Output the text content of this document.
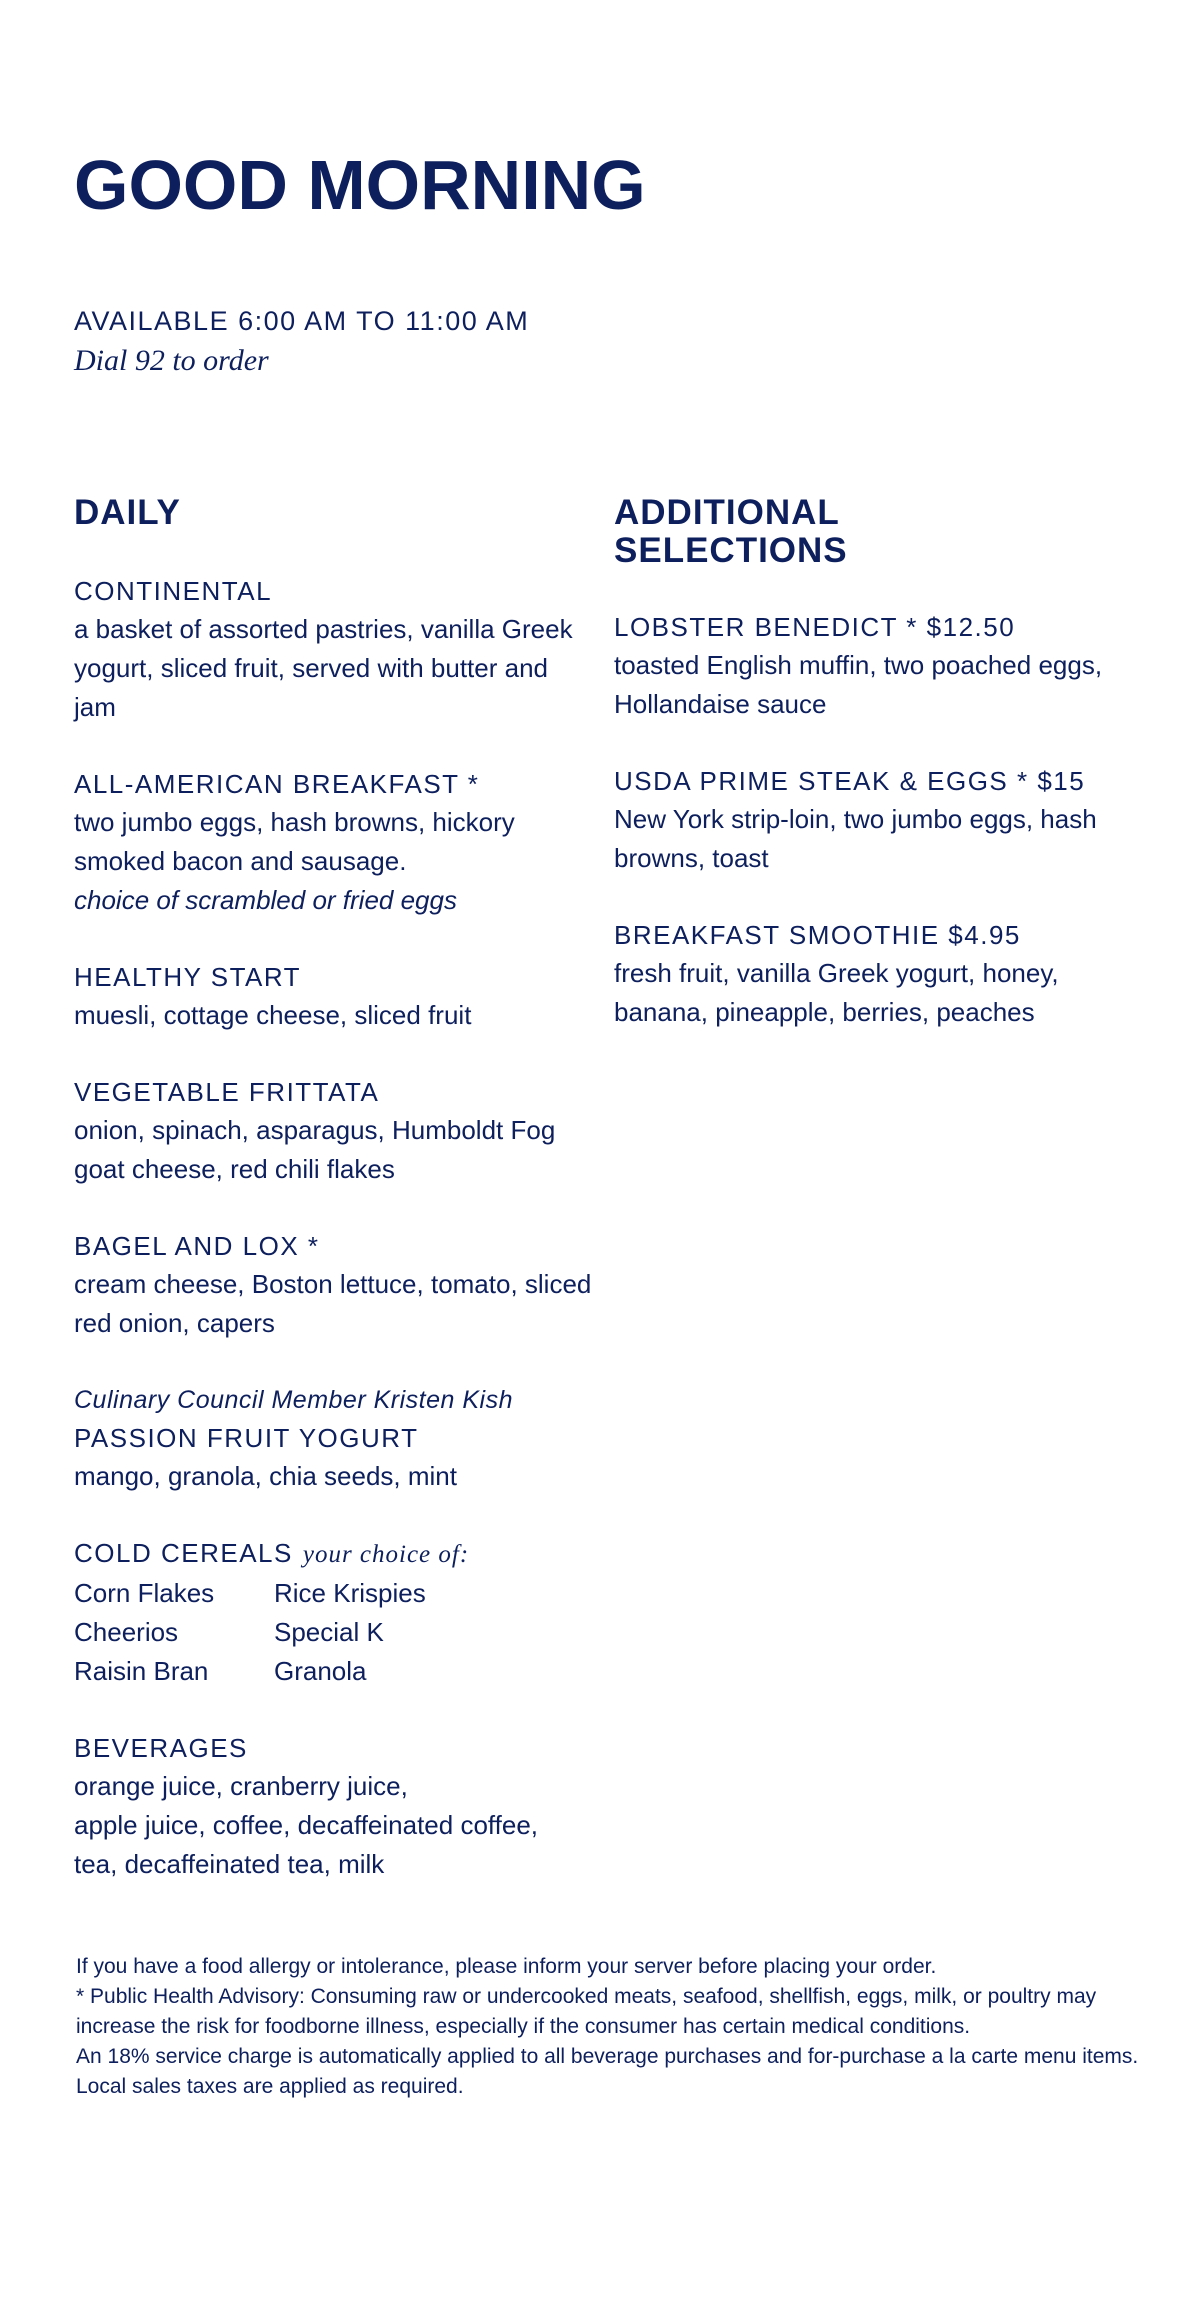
GOOD MORNING
AVAILABLE 6:00 AM TO 11:00 AM
Dial 92 to order
DAILY
CONTINENTAL
a basket of assorted pastries, vanilla Greek yogurt, sliced fruit, served with butter and jam
ALL-AMERICAN BREAKFAST *
two jumbo eggs, hash browns, hickory smoked bacon and sausage.
choice of scrambled or fried eggs
HEALTHY START
muesli, cottage cheese, sliced fruit
VEGETABLE FRITTATA
onion, spinach, asparagus, Humboldt Fog goat cheese, red chili flakes
BAGEL AND LOX *
cream cheese, Boston lettuce, tomato, sliced red onion, capers
Culinary Council Member Kristen Kish
PASSION FRUIT YOGURT
mango, granola, chia seeds, mint
COLD CEREALS your choice of:
Corn Flakes	Rice Krispies
Cheerios	Special K
Raisin Bran	Granola
BEVERAGES
orange juice, cranberry juice,
apple juice, coffee, decaffeinated coffee,
tea, decaffeinated tea, milk
ADDITIONAL
SELECTIONS
LOBSTER BENEDICT * $12.50
toasted English muffin, two poached eggs, Hollandaise sauce
USDA PRIME STEAK & EGGS * $15
New York strip-loin, two jumbo eggs, hash browns, toast
BREAKFAST SMOOTHIE $4.95
fresh fruit, vanilla Greek yogurt, honey, banana, pineapple, berries, peaches

If you have a food allergy or intolerance, please inform your server before placing your order.

* Public Health Advisory: Consuming raw or undercooked meats, seafood, shellfish, eggs, milk, or poultry may increase the risk for foodborne illness, especially if the consumer has certain medical conditions.

An 18% service charge is automatically applied to all beverage purchases and for-purchase a la carte menu items. Local sales taxes are applied as required.
